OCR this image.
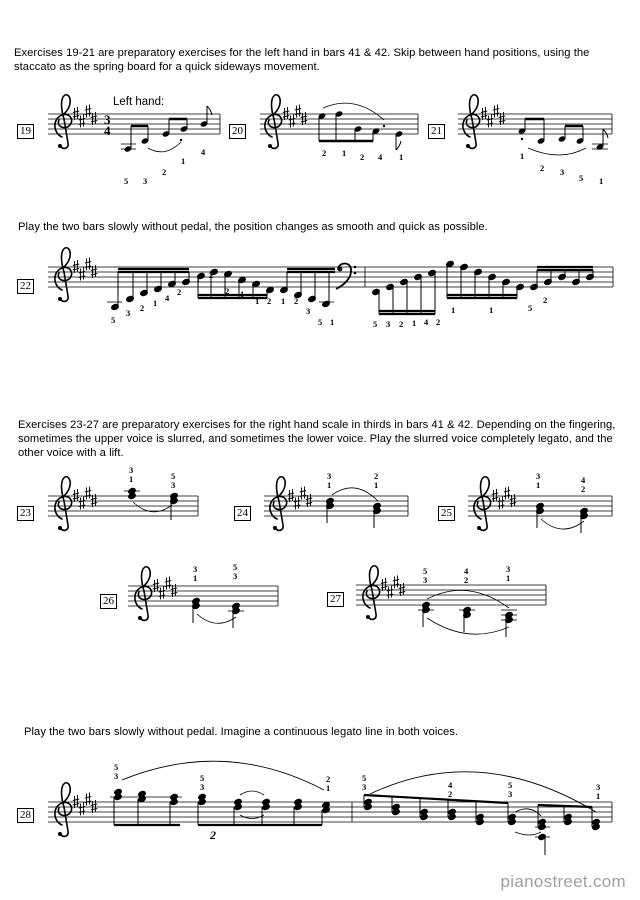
Exercises 19-21 are preparatory exercises for the left hand in bars 41 & 42. Skip between hand positions, using the staccato as the spring board for a quick sideways movement.
Play the two bars slowly without pedal, the position changes as smooth and quick as possible.
Exercises 23-27 are preparatory exercises for the right hand scale in thirds in bars 41 & 42. Depending on the fingering, sometimes the upper voice is slurred, and sometimes the lower voice. Play the slurred voice completely legato, and the other voice with a lift.
Play the two bars slowly without pedal. Imagine a continuous legato line in both voices.
Left hand:
19	20	21
22
23	24	25
26	27
28
3
4
5 3
2
1
4	2 1 2 4 1	1
2 3
5 1
5
3 2 1 4
2
1 2
2 1
1 2 1 2
3
5 1	5 3 2 1 4 2
1	1	5
2
3
1	5
3
3
1
2
1
3
1	4
2
3
1
5
3	5
3
4
2
3
1
2
5
3	5
3
2
1
5
3	4
2
5
3
3
1
pianostreet.com
